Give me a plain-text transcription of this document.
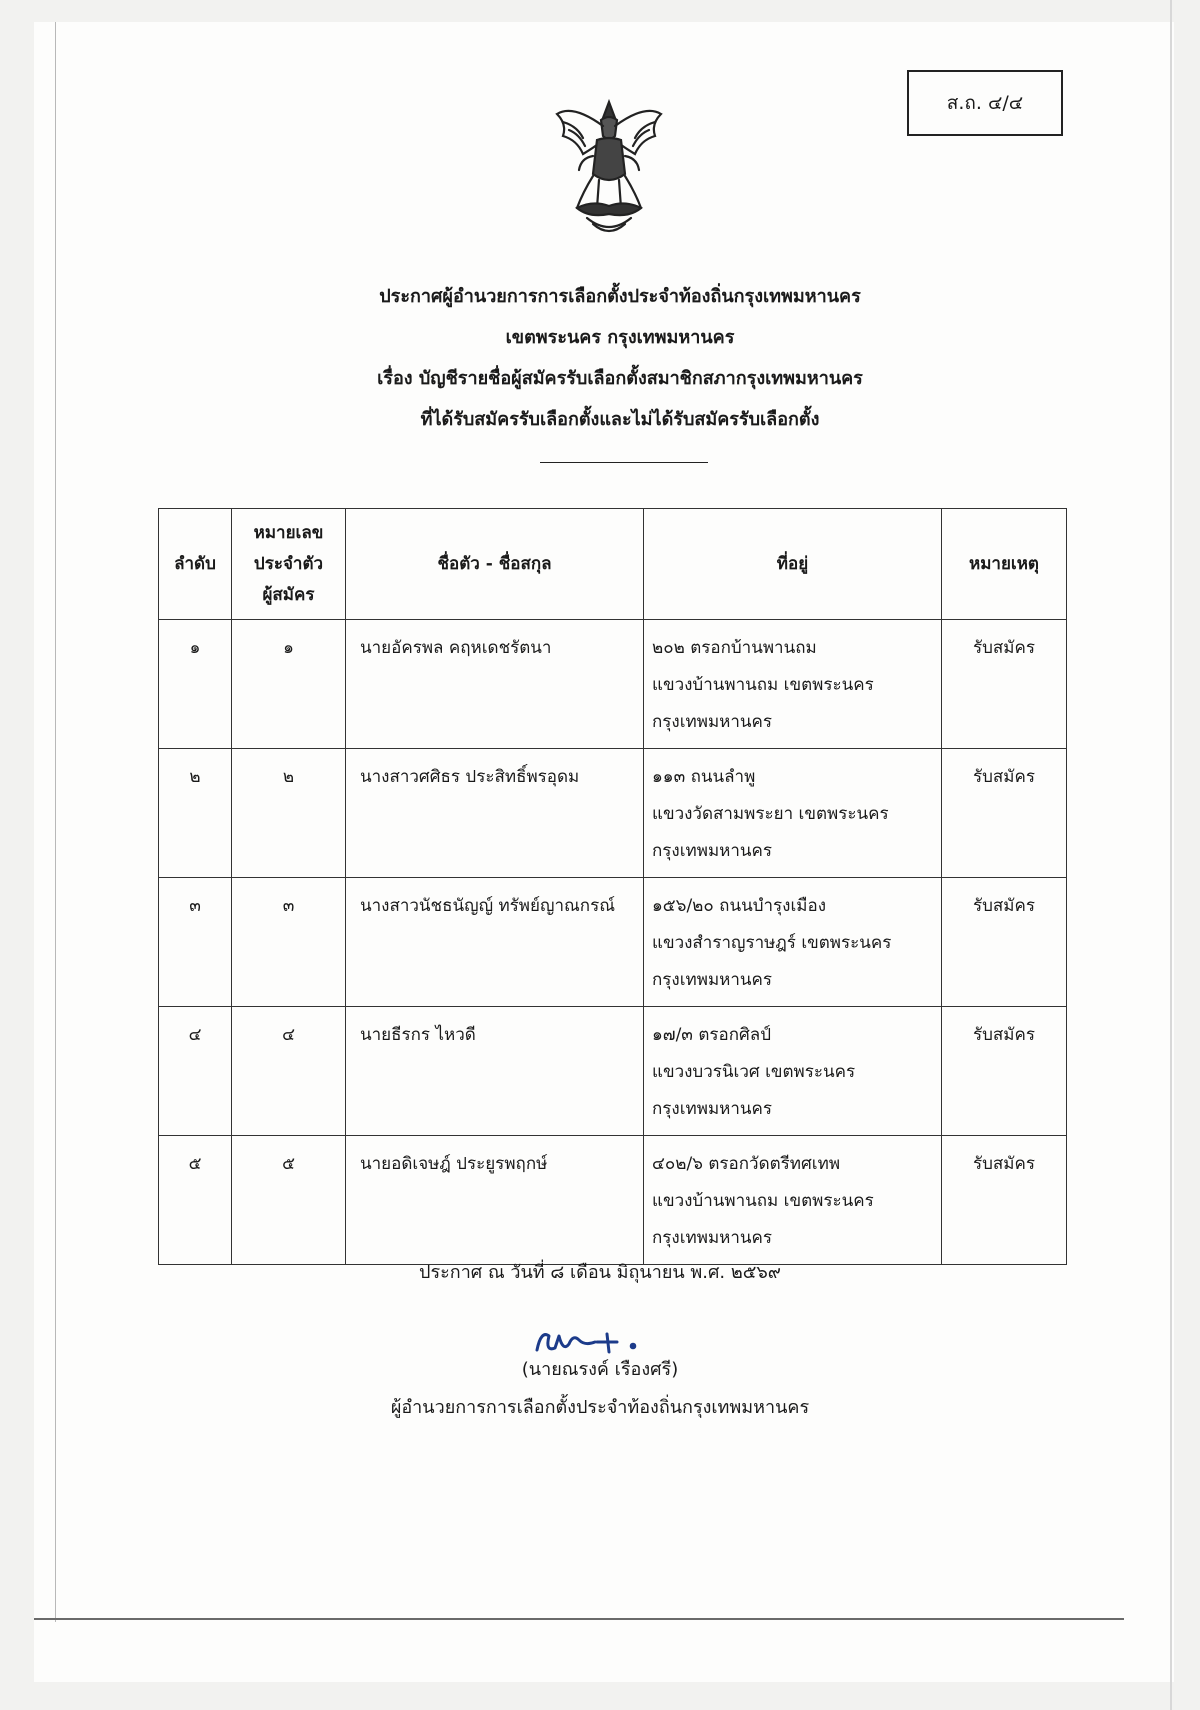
ส.ถ. ๔/๔
ประกาศผู้อำนวยการการเลือกตั้งประจำท้องถิ่นกรุงเทพมหานคร
เขตพระนคร กรุงเทพมหานคร
เรื่อง บัญชีรายชื่อผู้สมัครรับเลือกตั้งสมาชิกสภากรุงเทพมหานคร
ที่ได้รับสมัครรับเลือกตั้งและไม่ได้รับสมัครรับเลือกตั้ง
ลำดับ	หมายเลข
ประจำตัว
ผู้สมัคร	ชื่อตัว - ชื่อสกุล	ที่อยู่	หมายเหตุ
๑	๑	นายอัครพล คฤหเดชรัตนา	๒๐๒ ตรอกบ้านพานถม
แขวงบ้านพานถม เขตพระนคร
กรุงเทพมหานคร	รับสมัคร
๒	๒	นางสาวศศิธร ประสิทธิ์พรอุดม	๑๑๓ ถนนลำพู
แขวงวัดสามพระยา เขตพระนคร
กรุงเทพมหานคร	รับสมัคร
๓	๓	นางสาวนัชธนัญญ์ ทรัพย์ญาณกรณ์	๑๕๖/๒๐ ถนนบำรุงเมือง
แขวงสำราญราษฎร์ เขตพระนคร
กรุงเทพมหานคร	รับสมัคร
๔	๔	นายธีรกร ไหวดี	๑๗/๓ ตรอกศิลป์
แขวงบวรนิเวศ เขตพระนคร
กรุงเทพมหานคร	รับสมัคร
๕	๕	นายอดิเจษฎ์ ประยูรพฤกษ์	๔๐๒/๖ ตรอกวัดตรีทศเทพ
แขวงบ้านพานถม เขตพระนคร
กรุงเทพมหานคร	รับสมัคร
ประกาศ ณ วันที่ ๘ เดือน มิถุนายน พ.ศ. ๒๕๖๙
(นายณรงค์ เรืองศรี)
ผู้อำนวยการการเลือกตั้งประจำท้องถิ่นกรุงเทพมหานคร
